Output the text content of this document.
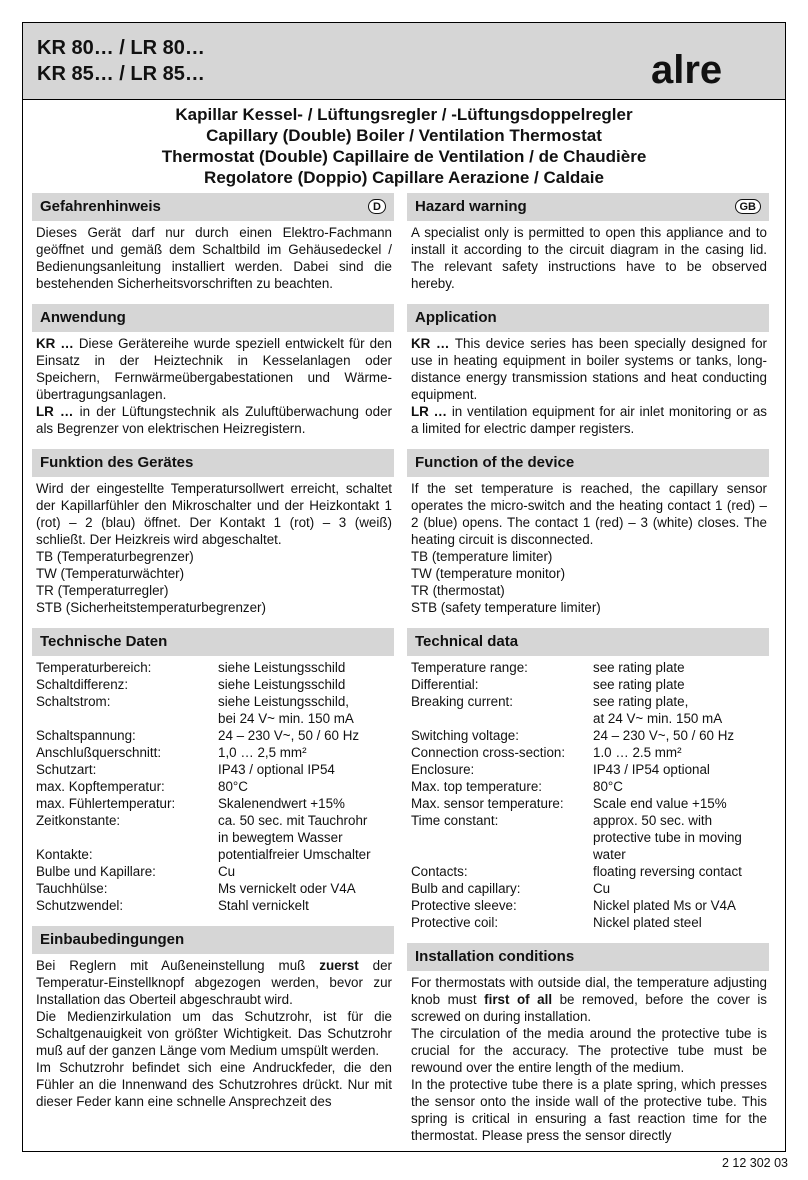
KR 80… / LR 80…
KR 85… / LR 85…	alre
Kapillar Kessel- / Lüftungsregler / -Lüftungsdoppelregler
Capillary (Double) Boiler / Ventilation Thermostat
Thermostat (Double) Capillaire de Ventilation / de Chaudière
Regolatore (Doppio) Capillare Aerazione / Caldaie
Gefahrenhinweis	D

Dieses Gerät darf nur durch einen Elektro-Fachmann geöffnet und gemäß dem Schaltbild im Gehäusedeckel / Bedienungsanleitung installiert werden. Dabei sind die bestehenden Sicherheitsvorschriften zu beachten.

Anwendung

KR … Diese Gerätereihe wurde speziell entwickelt für den Einsatz in der Heiztechnik in Kesselanlagen oder Speichern, Fernwärmeübergabestationen und Wärme-übertragungsanlagen.

LR … in der Lüftungstechnik als Zuluftüberwachung oder als Begrenzer von elektrischen Heizregistern.

Funktion des Gerätes

Wird der eingestellte Temperatursollwert erreicht, schaltet der Kapillarfühler den Mikroschalter und der Heizkontakt 1 (rot) – 2 (blau) öffnet. Der Kontakt 1 (rot) – 3 (weiß) schließt. Der Heizkreis wird abgeschaltet.

TB (Temperaturbegrenzer)
TW (Temperaturwächter)
TR (Temperaturregler)
STB (Sicherheitstemperaturbegrenzer)
Technische Daten
Temperaturbereich:	siehe Leistungsschild
Schaltdifferenz:	siehe Leistungsschild
Schaltstrom:	siehe Leistungsschild,
bei 24 V~ min. 150 mA
Schaltspannung:	24 – 230 V~, 50 / 60 Hz
Anschlußquerschnitt:	1,0 … 2,5 mm²
Schutzart:	IP43 / optional IP54
max. Kopftemperatur:	80°C
max. Fühlertemperatur:	Skalenendwert +15%
Zeitkonstante:	ca. 50 sec. mit Tauchrohr
in bewegtem Wasser
Kontakte:	potentialfreier Umschalter
Bulbe und Kapillare:	Cu
Tauchhülse:	Ms vernickelt oder V4A
Schutzwendel:	Stahl vernickelt
Einbaubedingungen

Bei Reglern mit Außeneinstellung muß zuerst der Temperatur-Einstellknopf abgezogen werden, bevor zur Installation das Oberteil abgeschraubt wird.

Die Medienzirkulation um das Schutzrohr, ist für die Schaltgenauigkeit von größter Wichtigkeit. Das Schutzrohr muß auf der ganzen Länge vom Medium umspült werden.

Im Schutzrohr befindet sich eine Andruckfeder, die den Fühler an die Innenwand des Schutzrohres drückt. Nur mit dieser Feder kann eine schnelle Ansprechzeit des

Hazard warning	GB

A specialist only is permitted to open this appliance and to install it according to the circuit diagram in the casing lid. The relevant safety instructions have to be observed hereby.

Application

KR … This device series has been specially designed for use in heating equipment in boiler systems or tanks, long-distance energy transmission stations and heat conducting equipment.

LR … in ventilation equipment for air inlet monitoring or as a limited for electric damper registers.

Function of the device

If the set temperature is reached, the capillary sensor operates the micro-switch and the heating contact 1 (red) – 2 (blue) opens. The contact 1 (red) – 3 (white) closes. The heating circuit is disconnected.

TB (temperature limiter)
TW (temperature monitor)
TR (thermostat)
STB (safety temperature limiter)
Technical data
Temperature range:	see rating plate
Differential:	see rating plate
Breaking current:	see rating plate,
at 24 V~ min. 150 mA
Switching voltage:	24 – 230 V~, 50 / 60 Hz
Connection cross-section:	1.0 … 2.5 mm²
Enclosure:	IP43 / IP54 optional
Max. top temperature:	80°C
Max. sensor temperature:	Scale end value +15%
Time constant:	approx. 50 sec. with
protective tube in moving
water
Contacts:	floating reversing contact
Bulb and capillary:	Cu
Protective sleeve:	Nickel plated Ms or V4A
Protective coil:	Nickel plated steel
Installation conditions

For thermostats with outside dial, the temperature adjusting knob must first of all be removed, before the cover is screwed on during installation.

The circulation of the media around the protective tube is crucial for the accuracy. The protective tube must be rewound over the entire length of the medium.

In the protective tube there is a plate spring, which presses the sensor onto the inside wall of the protective tube. This spring is critical in ensuring a fast reaction time for the thermostat. Please press the sensor directly

2 12 302 03
